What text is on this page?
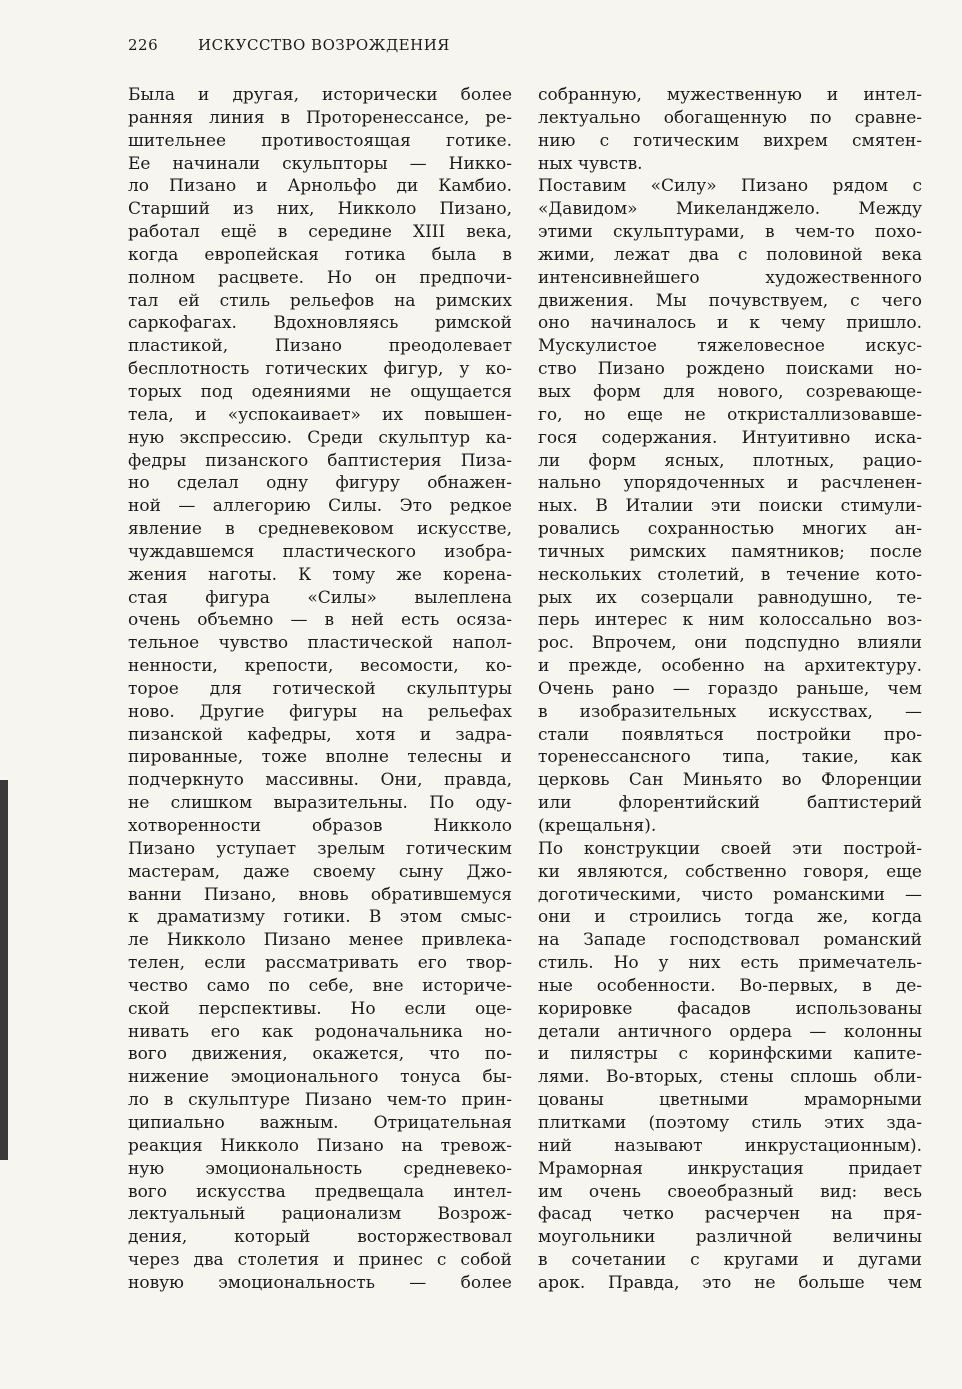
226	ИСКУССТВО ВОЗРОЖДЕНИЯ
Была и другая, исторически более
ранняя линия в Проторенессансе, ре-
шительнее противостоящая готике.
Ее начинали скульпторы — Никко-
ло Пизано и Арнольфо ди Камбио.
Старший из них, Никколо Пизано,
работал ещё в середине XIII века,
когда европейская готика была в
полном расцвете. Но он предпочи-
тал ей стиль рельефов на римских
саркофагах. Вдохновляясь римской
пластикой, Пизано преодолевает
бесплотность готических фигур, у ко-
торых под одеяниями не ощущается
тела, и «успокаивает» их повышен-
ную экспрессию. Среди скульптур ка-
федры пизанского баптистерия Пиза-
но сделал одну фигуру обнажен-
ной — аллегорию Силы. Это редкое
явление в средневековом искусстве,
чуждавшемся пластического изобра-
жения наготы. К тому же корена-
стая фигура «Силы» вылеплена
очень объемно — в ней есть осяза-
тельное чувство пластической напол-
ненности, крепости, весомости, ко-
торое для готической скульптуры
ново. Другие фигуры на рельефах
пизанской кафедры, хотя и задра-
пированные, тоже вполне телесны и
подчеркнуто массивны. Они, правда,
не слишком выразительны. По оду-
хотворенности образов Никколо
Пизано уступает зрелым готическим
мастерам, даже своему сыну Джо-
ванни Пизано, вновь обратившемуся
к драматизму готики. В этом смыс-
ле Никколо Пизано менее привлека-
телен, если рассматривать его твор-
чество само по себе, вне историче-
ской перспективы. Но если оце-
нивать его как родоначальника но-
вого движения, окажется, что по-
нижение эмоционального тонуса бы-
ло в скульптуре Пизано чем-то прин-
ципиально важным. Отрицательная
реакция Никколо Пизано на тревож-
ную эмоциональность средневеко-
вого искусства предвещала интел-
лектуальный рационализм Возрож-
дения, который восторжествовал
через два столетия и принес с собой
новую эмоциональность — более
собранную, мужественную и интел-
лектуально обогащенную по сравне-
нию с готическим вихрем смятен-
ных чувств.
Поставим «Силу» Пизано рядом с
«Давидом» Микеланджело. Между
этими скульптурами, в чем-то похо-
жими, лежат два с половиной века
интенсивнейшего художественного
движения. Мы почувствуем, с чего
оно начиналось и к чему пришло.
Мускулистое тяжеловесное искус-
ство Пизано рождено поисками но-
вых форм для нового, созревающе-
го, но еще не откристаллизовавше-
гося содержания. Интуитивно иска-
ли форм ясных, плотных, рацио-
нально упорядоченных и расчленен-
ных. В Италии эти поиски стимули-
ровались сохранностью многих ан-
тичных римских памятников; после
нескольких столетий, в течение кото-
рых их созерцали равнодушно, те-
перь интерес к ним колоссально воз-
рос. Впрочем, они подспудно влияли
и прежде, особенно на архитектуру.
Очень рано — гораздо раньше, чем
в изобразительных искусствах, —
стали появляться постройки про-
торенессансного типа, такие, как
церковь Сан Миньято во Флоренции
или флорентийский баптистерий
(крещальня).
По конструкции своей эти построй-
ки являются, собственно говоря, еще
доготическими, чисто романскими —
они и строились тогда же, когда
на Западе господствовал романский
стиль. Но у них есть примечатель-
ные особенности. Во-первых, в де-
корировке фасадов использованы
детали античного ордера — колонны
и пилястры с коринфскими капите-
лями. Во-вторых, стены сплошь обли-
цованы цветными мраморными
плитками (поэтому стиль этих зда-
ний называют инкрустационным).
Мраморная инкрустация придает
им очень своеобразный вид: весь
фасад четко расчерчен на пря-
моугольники различной величины
в сочетании с кругами и дугами
арок. Правда, это не больше чем
